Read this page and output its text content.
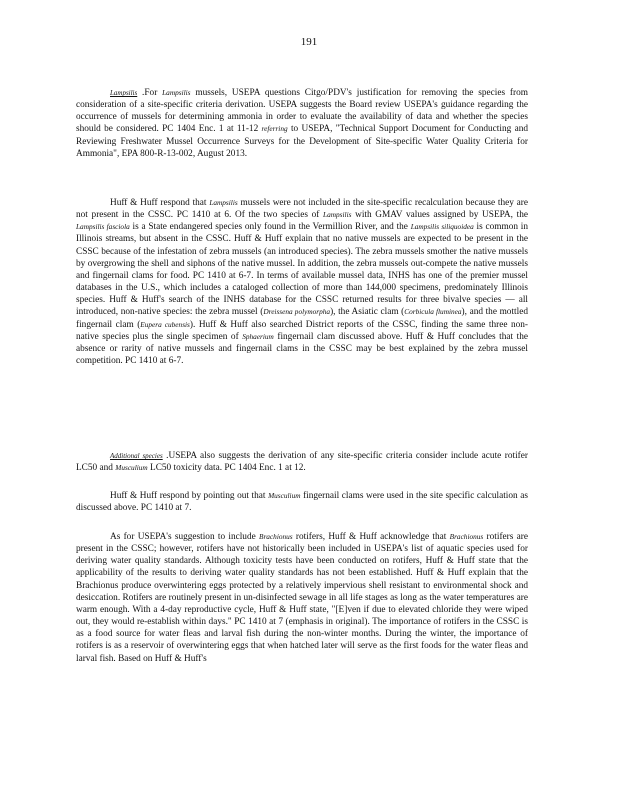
191

Lampsilis .For Lampsilis mussels, USEPA questions Citgo/PDV's justification for removing the species from consideration of a site-specific criteria derivation. USEPA suggests the Board review USEPA's guidance regarding the occurrence of mussels for determining ammonia in order to evaluate the availability of data and whether the species should be considered. PC 1404 Enc. 1 at 11-12 referring to USEPA, "Technical Support Document for Conducting and Reviewing Freshwater Mussel Occurrence Surveys for the Development of Site-specific Water Quality Criteria for Ammonia", EPA 800-R-13-002, August 2013.

Huff & Huff respond that Lampsilis mussels were not included in the site-specific recalculation because they are not present in the CSSC. PC 1410 at 6. Of the two species of Lampsilis with GMAV values assigned by USEPA, the Lampsilis fasciola is a State endangered species only found in the Vermillion River, and the Lampsilis siliquoidea is common in Illinois streams, but absent in the CSSC. Huff & Huff explain that no native mussels are expected to be present in the CSSC because of the infestation of zebra mussels (an introduced species). The zebra mussels smother the native mussels by overgrowing the shell and siphons of the native mussel. In addition, the zebra mussels out-compete the native mussels and fingernail clams for food. PC 1410 at 6-7. In terms of available mussel data, INHS has one of the premier mussel databases in the U.S., which includes a cataloged collection of more than 144,000 specimens, predominately Illinois species. Huff & Huff's search of the INHS database for the CSSC returned results for three bivalve species — all introduced, non-native species: the zebra mussel (Dreissena polymorpha), the Asiatic clam (Corbicula fluminea), and the mottled fingernail clam (Eupera cubensis). Huff & Huff also searched District reports of the CSSC, finding the same three non-native species plus the single specimen of Sphaerium fingernail clam discussed above. Huff & Huff concludes that the absence or rarity of native mussels and fingernail clams in the CSSC may be best explained by the zebra mussel competition. PC 1410 at 6-7.

Additional species .USEPA also suggests the derivation of any site-specific criteria consider include acute rotifer LC50 and Musculium LC50 toxicity data. PC 1404 Enc. 1 at 12.

Huff & Huff respond by pointing out that Musculium fingernail clams were used in the site specific calculation as discussed above. PC 1410 at 7.

As for USEPA's suggestion to include Brachionus rotifers, Huff & Huff acknowledge that Brachionus rotifers are present in the CSSC; however, rotifers have not historically been included in USEPA's list of aquatic species used for deriving water quality standards. Although toxicity tests have been conducted on rotifers, Huff & Huff state that the applicability of the results to deriving water quality standards has not been established. Huff & Huff explain that the Brachionus produce overwintering eggs protected by a relatively impervious shell resistant to environmental shock and desiccation. Rotifers are routinely present in un-disinfected sewage in all life stages as long as the water temperatures are warm enough. With a 4-day reproductive cycle, Huff & Huff state, "[E]ven if due to elevated chloride they were wiped out, they would re-establish within days." PC 1410 at 7 (emphasis in original). The importance of rotifers in the CSSC is as a food source for water fleas and larval fish during the non-winter months. During the winter, the importance of rotifers is as a reservoir of overwintering eggs that when hatched later will serve as the first foods for the water fleas and larval fish. Based on Huff & Huff's
